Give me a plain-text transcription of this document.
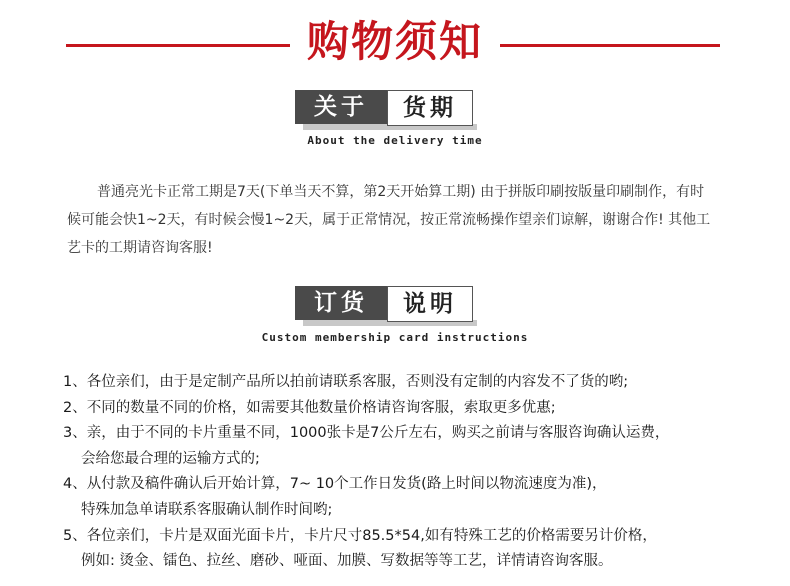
购物须知
关于	货期
About the delivery time
普通亮光卡正常工期是7天(下单当天不算，第2天开始算工期) 由于拼版印刷按版量印刷制作，有时候可能会快1~2天，有时候会慢1~2天，属于正常情况，按正常流畅操作望亲们谅解，谢谢合作! 其他工艺卡的工期请咨询客服!
订货	说明
Custom membership card instructions
1、各位亲们，由于是定制产品所以拍前请联系客服，否则没有定制的内容发不了货的哟;
2、不同的数量不同的价格，如需要其他数量价格请咨询客服，索取更多优惠;
3、亲，由于不同的卡片重量不同，1000张卡是7公斤左右，购买之前请与客服咨询确认运费，
会给您最合理的运输方式的;
4、从付款及稿件确认后开始计算，7~ 10个工作日发货(路上时间以物流速度为准)，
特殊加急单请联系客服确认制作时间哟;
5、各位亲们，卡片是双面光面卡片，卡片尺寸85.5*54,如有特殊工艺的价格需要另计价格，
例如: 烫金、镭色、拉丝、磨砂、哑面、加膜、写数据等等工艺，详情请咨询客服。
